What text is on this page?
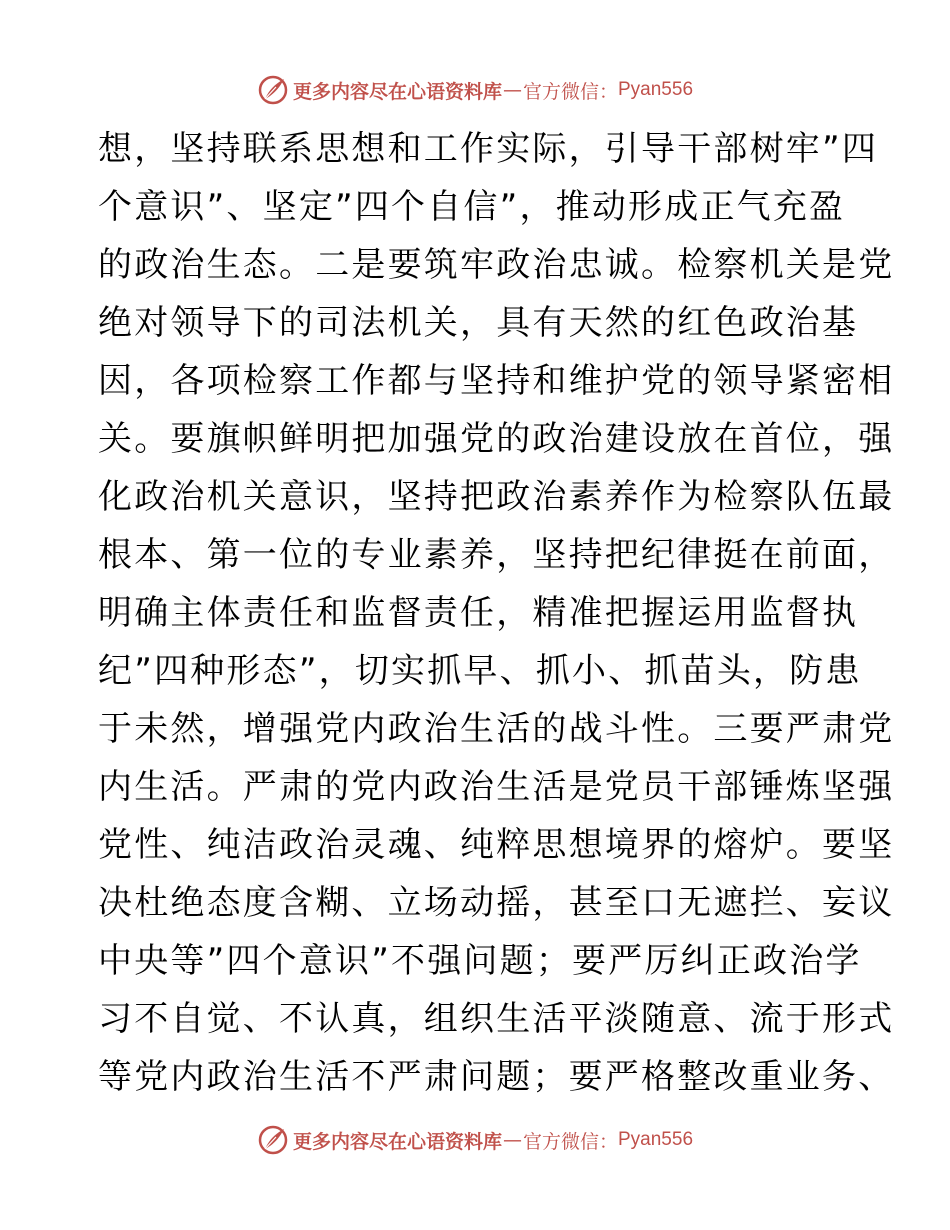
更多内容尽在心语资料库 — 官方微信： Pyan556
想，坚持联系思想和工作实际，引导干部树牢”四
个意识”、坚定”四个自信”，推动形成正气充盈
的政治生态。二是要筑牢政治忠诚。检察机关是党
绝对领导下的司法机关，具有天然的红色政治基
因，各项检察工作都与坚持和维护党的领导紧密相
关。要旗帜鲜明把加强党的政治建设放在首位，强
化政治机关意识，坚持把政治素养作为检察队伍最
根本、第一位的专业素养，坚持把纪律挺在前面，
明确主体责任和监督责任，精准把握运用监督执
纪”四种形态”，切实抓早、抓小、抓苗头，防患
于未然，增强党内政治生活的战斗性。三要严肃党
内生活。严肃的党内政治生活是党员干部锤炼坚强
党性、纯洁政治灵魂、纯粹思想境界的熔炉。要坚
决杜绝态度含糊、立场动摇，甚至口无遮拦、妄议
中央等”四个意识”不强问题；要严厉纠正政治学
习不自觉、不认真，组织生活平淡随意、流于形式
等党内政治生活不严肃问题；要严格整改重业务、
更多内容尽在心语资料库 — 官方微信： Pyan556
